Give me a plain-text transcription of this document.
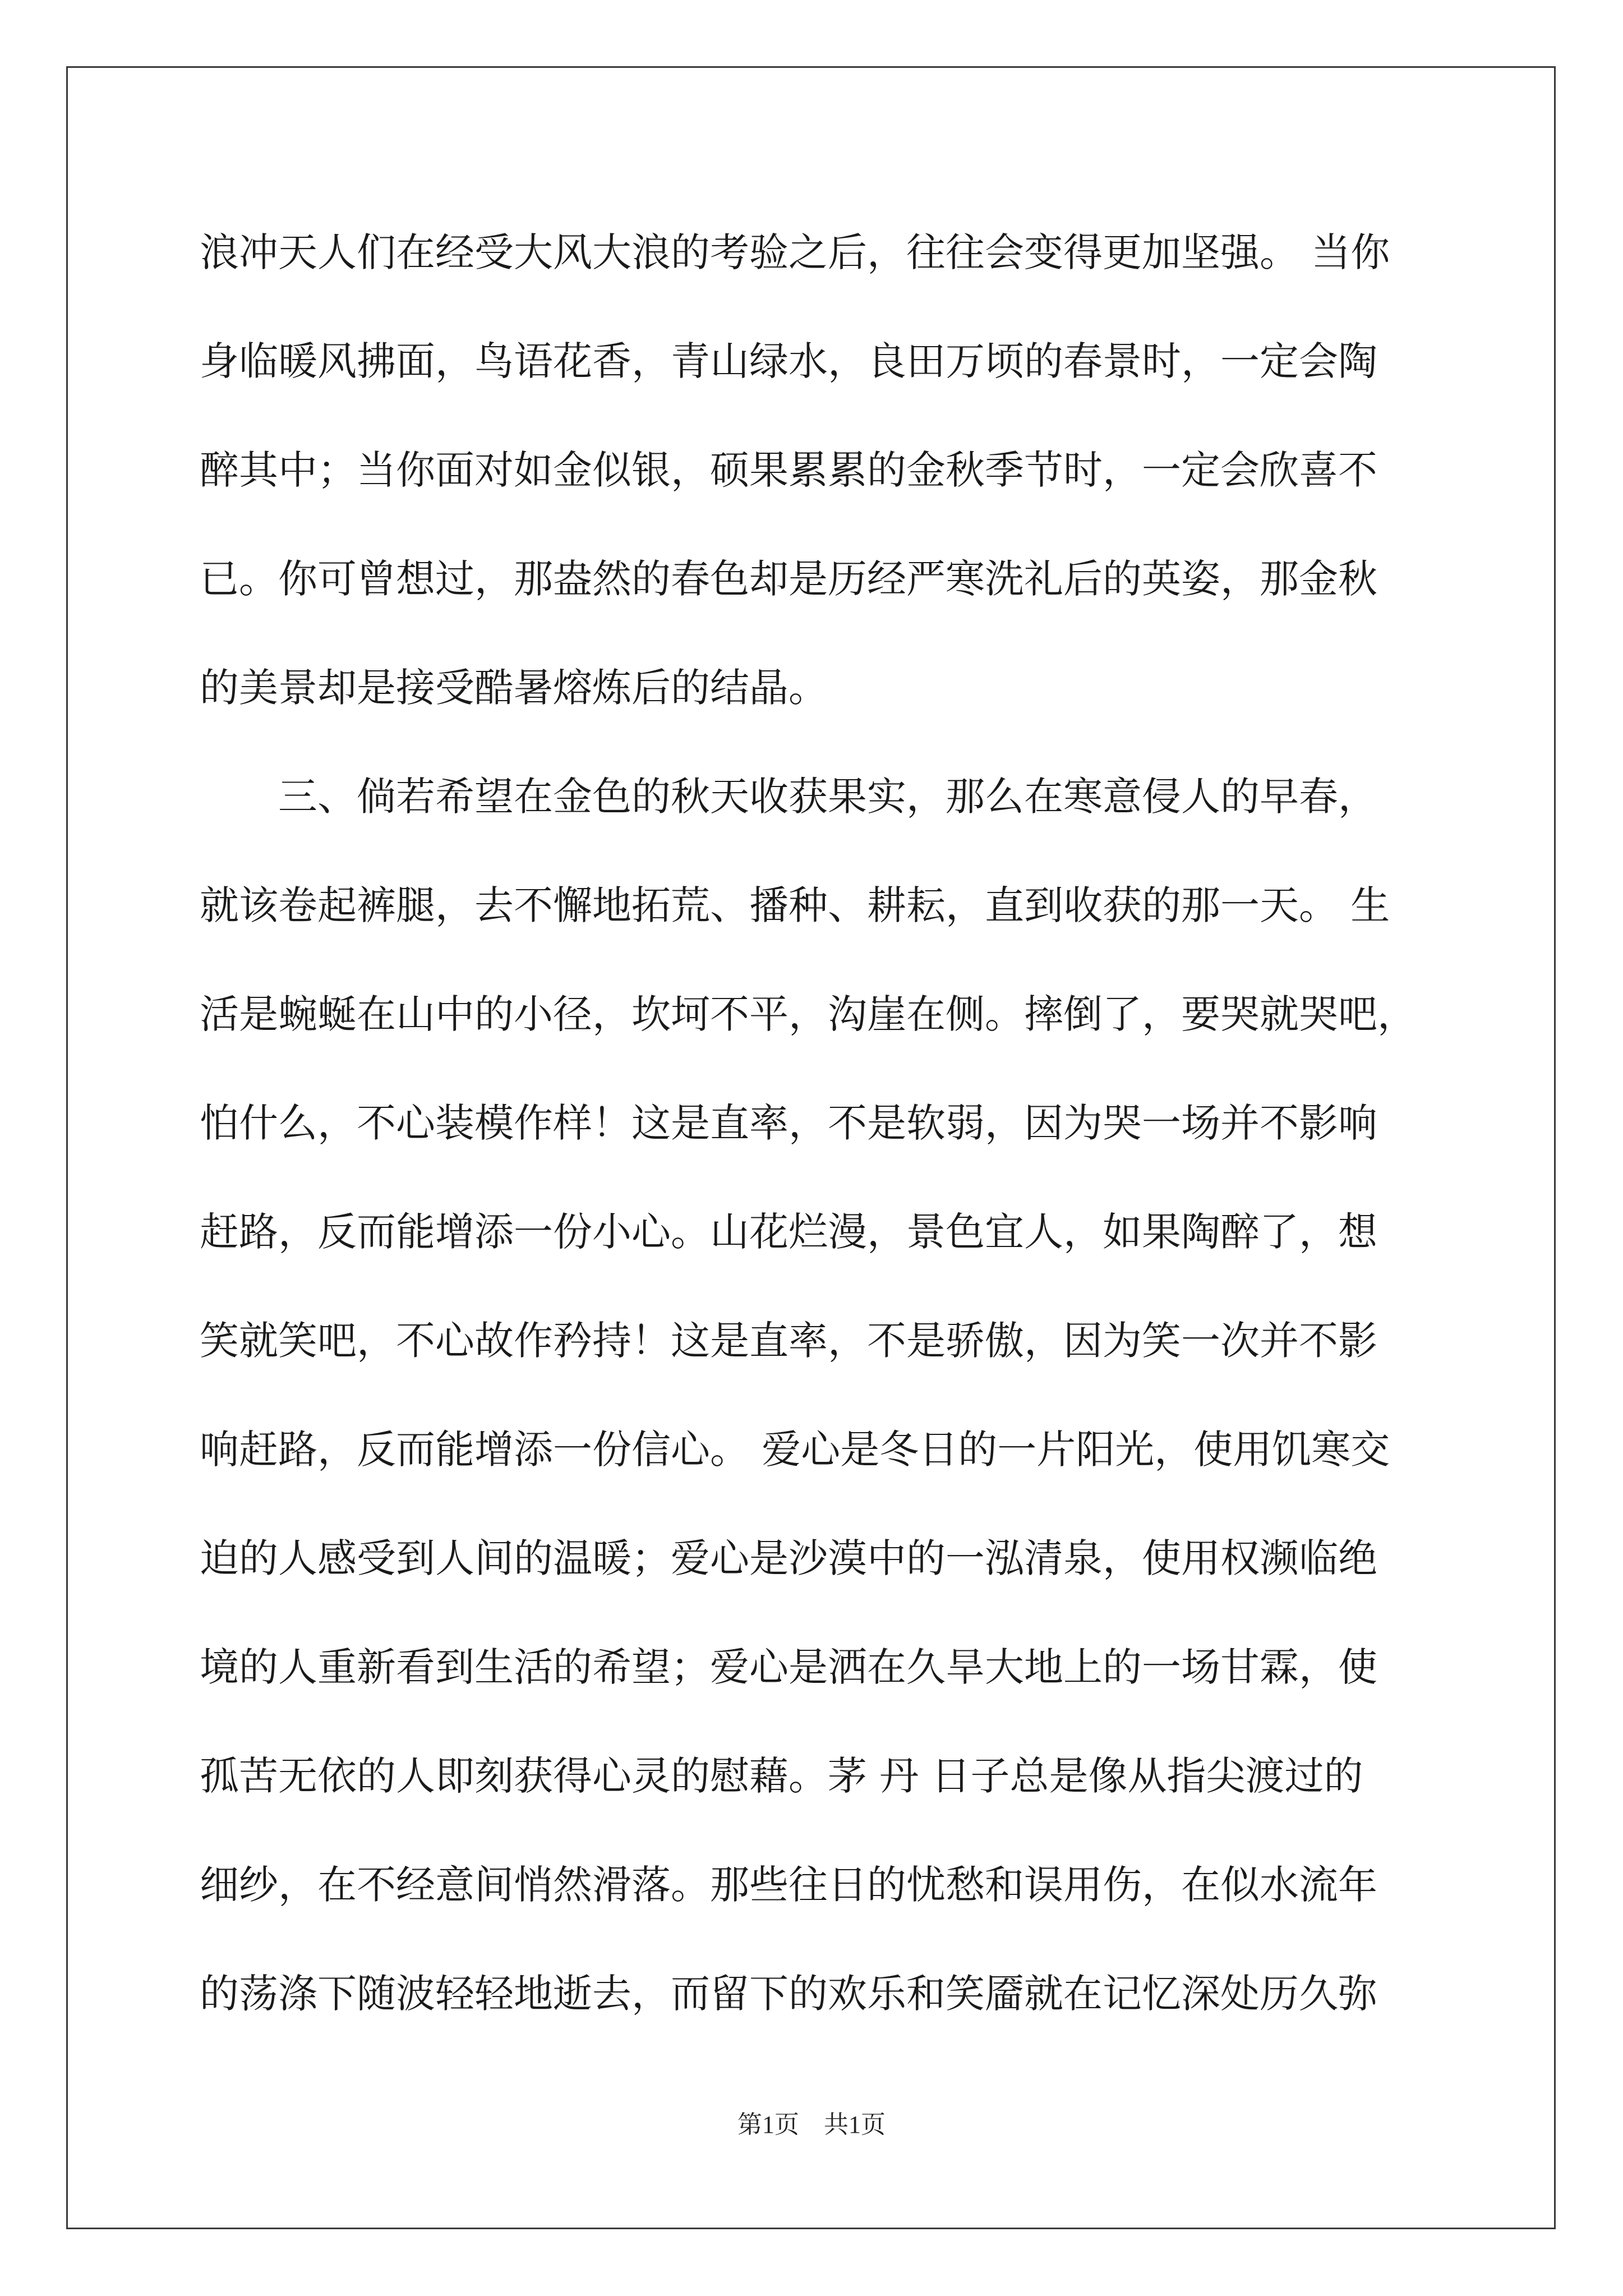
浪冲天人们在经受大风大浪的考验之后，往往会变得更加坚强。 当你
身临暖风拂面，鸟语花香，青山绿水，良田万顷的春景时，一定会陶
醉其中；当你面对如金似银，硕果累累的金秋季节时，一定会欣喜不
已。你可曾想过，那盎然的春色却是历经严寒洗礼后的英姿，那金秋
的美景却是接受酷暑熔炼后的结晶。
　　三、倘若希望在金色的秋天收获果实，那么在寒意侵人的早春，
就该卷起裤腿，去不懈地拓荒、播种、耕耘，直到收获的那一天。 生
活是蜿蜒在山中的小径，坎坷不平，沟崖在侧。摔倒了，要哭就哭吧，
怕什么，不心装模作样！这是直率，不是软弱，因为哭一场并不影响
赶路，反而能增添一份小心。山花烂漫，景色宜人，如果陶醉了，想
笑就笑吧，不心故作矜持！这是直率，不是骄傲，因为笑一次并不影
响赶路，反而能增添一份信心。 爱心是冬日的一片阳光，使用饥寒交
迫的人感受到人间的温暖；爱心是沙漠中的一泓清泉，使用权濒临绝
境的人重新看到生活的希望；爱心是洒在久旱大地上的一场甘霖，使
孤苦无依的人即刻获得心灵的慰藉。茅 丹 日子总是像从指尖渡过的
细纱，在不经意间悄然滑落。那些往日的忧愁和误用伤，在似水流年
的荡涤下随波轻轻地逝去，而留下的欢乐和笑靥就在记忆深处历久弥
第1页　共1页
